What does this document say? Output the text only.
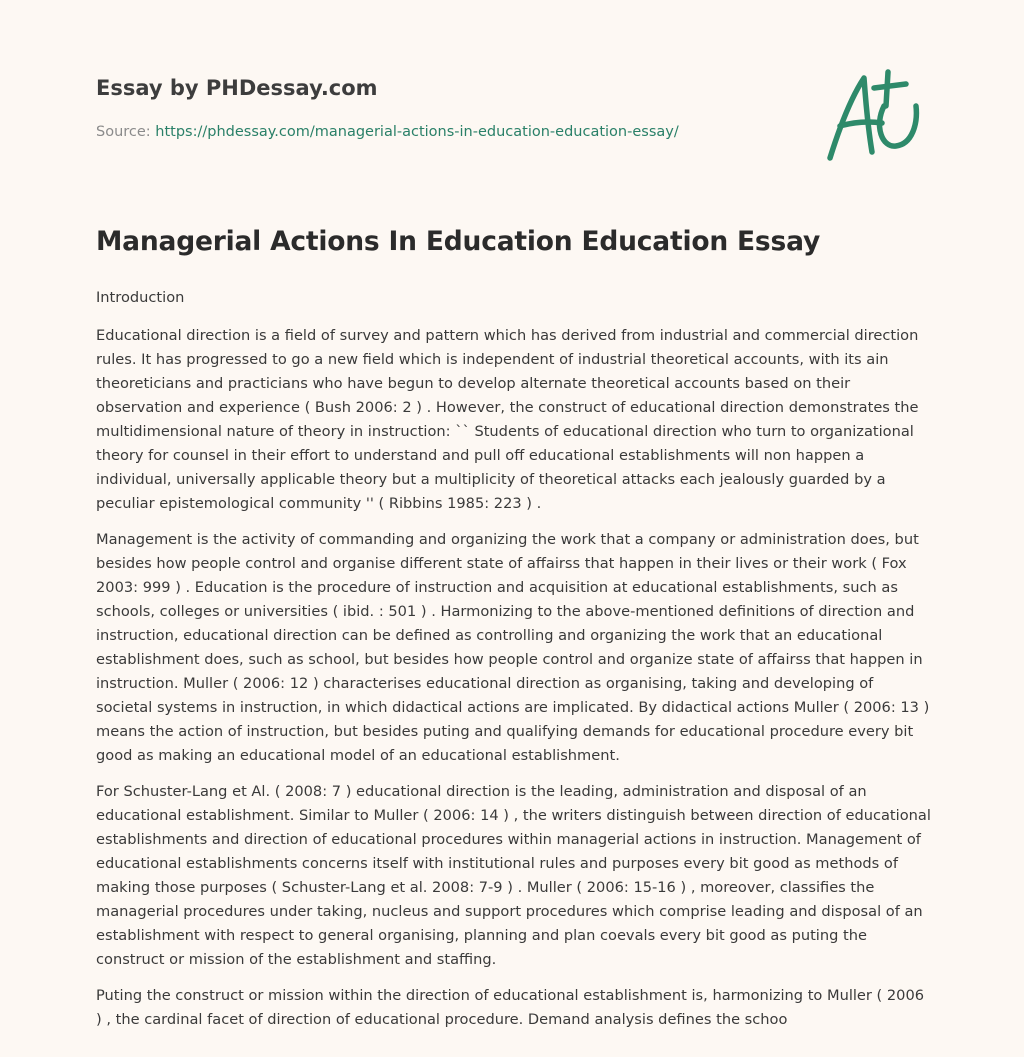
Essay by PHDessay.com

Source: https://phdessay.com/managerial-actions-in-education-education-essay/

Managerial Actions In Education Education Essay

Introduction

Educational direction is a field of survey and pattern which has derived from industrial and commercial direction rules. It has progressed to go a new field which is independent of industrial theoretical accounts, with its ain theoreticians and practicians who have begun to develop alternate theoretical accounts based on their observation and experience ( Bush 2006: 2 ) . However, the construct of educational direction demonstrates the multidimensional nature of theory in instruction: `` Students of educational direction who turn to organizational theory for counsel in their effort to understand and pull off educational establishments will non happen a individual, universally applicable theory but a multiplicity of theoretical attacks each jealously guarded by a peculiar epistemological community '' ( Ribbins 1985: 223 ) .

Management is the activity of commanding and organizing the work that a company or administration does, but besides how people control and organise different state of affairss that happen in their lives or their work ( Fox 2003: 999 ) . Education is the procedure of instruction and acquisition at educational establishments, such as schools, colleges or universities ( ibid. : 501 ) . Harmonizing to the above-mentioned definitions of direction and instruction, educational direction can be defined as controlling and organizing the work that an educational establishment does, such as school, but besides how people control and organize state of affairss that happen in instruction. Muller ( 2006: 12 ) characterises educational direction as organising, taking and developing of societal systems in instruction, in which didactical actions are implicated. By didactical actions Muller ( 2006: 13 ) means the action of instruction, but besides puting and qualifying demands for educational procedure every bit good as making an educational model of an educational establishment.

For Schuster-Lang et Al. ( 2008: 7 ) educational direction is the leading, administration and disposal of an educational establishment. Similar to Muller ( 2006: 14 ) , the writers distinguish between direction of educational establishments and direction of educational procedures within managerial actions in instruction. Management of educational establishments concerns itself with institutional rules and purposes every bit good as methods of making those purposes ( Schuster-Lang et al. 2008: 7-9 ) . Muller ( 2006: 15-16 ) , moreover, classifies the managerial procedures under taking, nucleus and support procedures which comprise leading and disposal of an establishment with respect to general organising, planning and plan coevals every bit good as puting the construct or mission of the establishment and staffing.

Puting the construct or mission within the direction of educational establishment is, harmonizing to Muller ( 2006 ) , the cardinal facet of direction of educational procedure. Demand analysis defines the schoo
